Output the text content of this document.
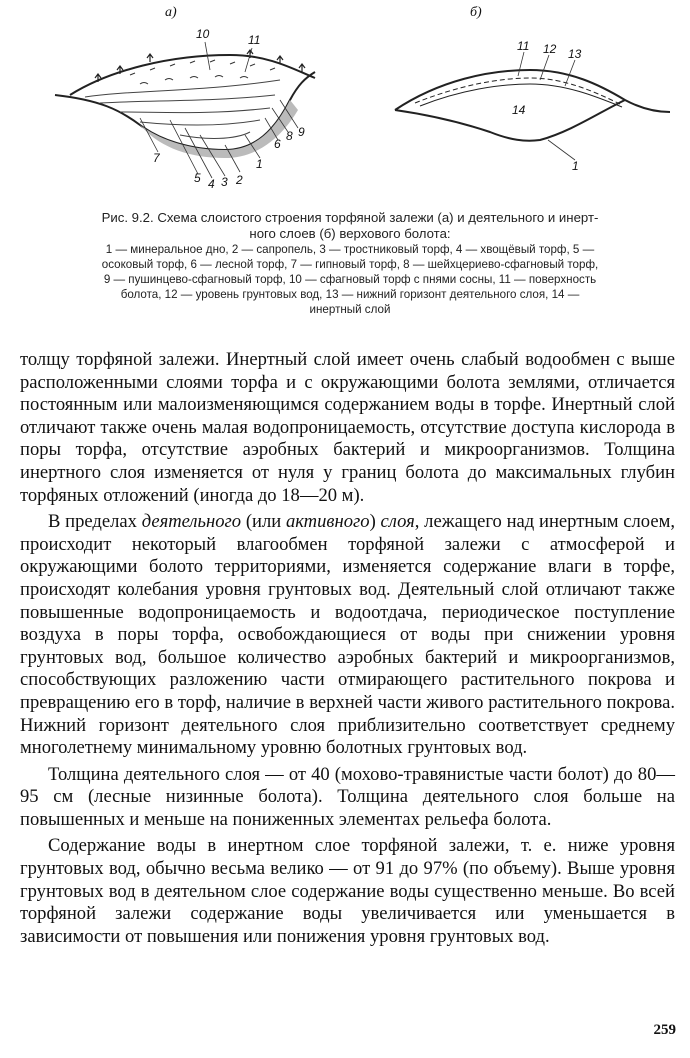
а)
10	11
9
8
6
1
2
3
4
5
7
б)
11 12 13
14
1

Рис. 9.2. Схема слоистого строения торфяной залежи (а) и деятельного и инерт-

ного слоев (б) верхового болота:

1 — минеральное дно, 2 — сапропель, 3 — тростниковый торф, 4 — хвощёвый торф, 5 —

осоковый торф, 6 — лесной торф, 7 — гипновый торф, 8 — шейхцериево-сфагновый торф,

9 — пушинцево-сфагновый торф, 10 — сфагновый торф с пнями сосны, 11 — поверхность

болота, 12 — уровень грунтовых вод, 13 — нижний горизонт деятельного слоя, 14 —

инертный слой

толщу торфяной залежи. Инертный слой имеет очень слабый водообмен с выше расположенными слоями торфа и с окружающими болота землями, отличается постоянным или малоизменяющимся содержанием воды в торфе. Инертный слой отличают также очень малая водопроницаемость, отсутствие доступа кислорода в поры торфа, отсутствие аэробных бактерий и микроорганизмов. Толщина инертного слоя изменяется от нуля у границ болота до максимальных глубин торфяных отложений (иногда до 18—20 м).

В пределах деятельного (или активного) слоя, лежащего над инертным слоем, происходит некоторый влагообмен торфяной залежи с атмосферой и окружающими болото территориями, изменяется содержание влаги в торфе, происходят колебания уровня грунтовых вод. Деятельный слой отличают также повышенные водопроницаемость и водоотдача, периодическое поступление воздуха в поры торфа, освобождающиеся от воды при снижении уровня грунтовых вод, большое количество аэробных бактерий и микроорганизмов, способствующих разложению части отмирающего растительного покрова и превращению его в торф, наличие в верхней части живого растительного покрова. Нижний горизонт деятельного слоя приблизительно соответствует среднему многолетнему минимальному уровню болотных грунтовых вод.

Толщина деятельного слоя — от 40 (мохово-травянистые части болот) до 80—95 см (лесные низинные болота). Толщина деятельного слоя больше на повышенных и меньше на пониженных элементах рельефа болота.

Содержание воды в инертном слое торфяной залежи, т. е. ниже уровня грунтовых вод, обычно весьма велико — от 91 до 97% (по объему). Выше уровня грунтовых вод в деятельном слое содержание воды существенно меньше. Во всей торфяной залежи содержание воды увеличивается или уменьшается в зависимости от повышения или понижения уровня грунтовых вод.

259
